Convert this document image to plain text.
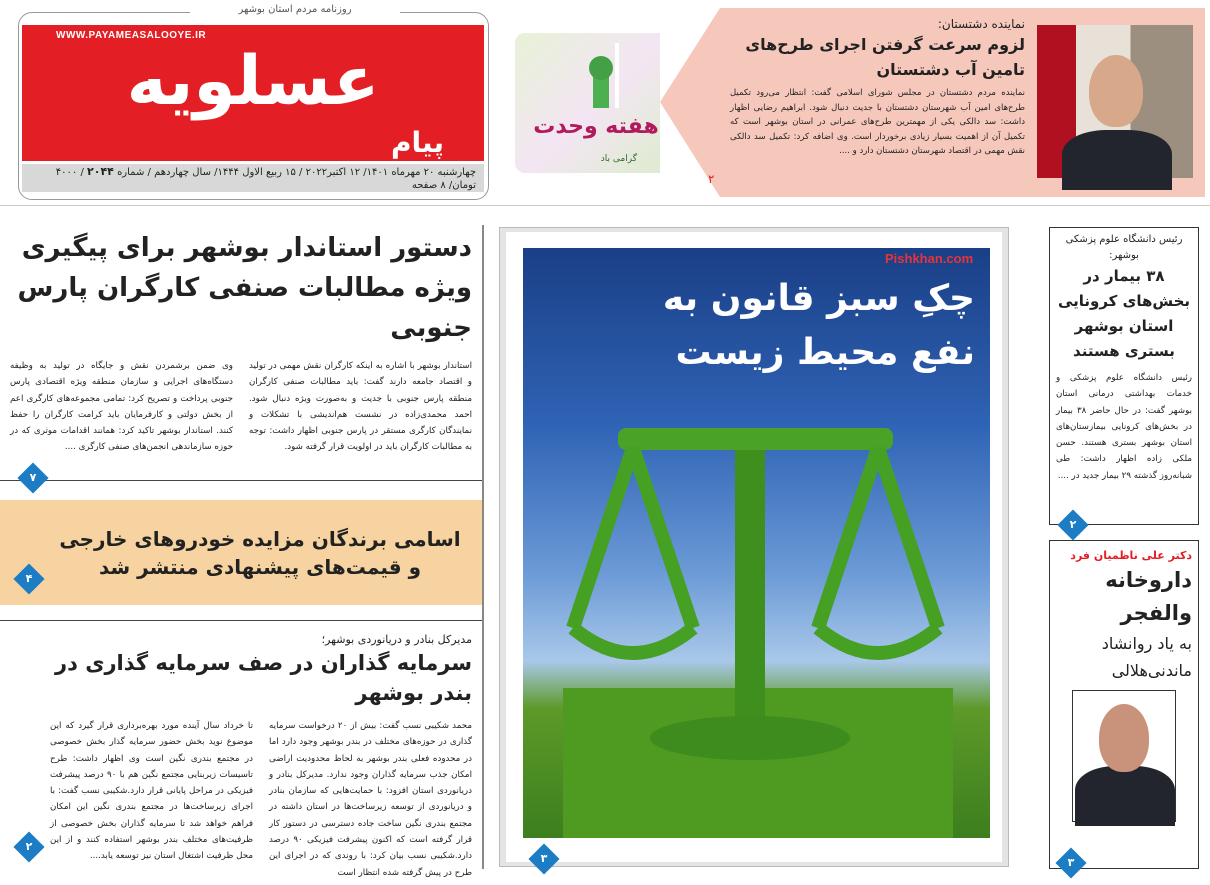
روزنامه مردم استان بوشهر
WWW.PAYAMEASALOOYE.IR
عسلویه
پیام
چهارشنبه ۲۰ مهرماه ۱۴۰۱/ ۱۲ اکتبر۲۰۲۲ / ۱۵ ربیع الاول ۱۴۴۴/ سال چهاردهم / شماره ۲۰۴۴ / ۴۰۰۰ تومان/ ۸ صفحه
هفته وحدت
گرامی باد
نماینده دشتستان:
لزوم سرعت گرفتن اجرای طرح‌های تامین آب دشتستان
نماینده مردم دشتستان در مجلس شورای اسلامی گفت: انتظار می‌رود تکمیل طرح‌های امین آب شهرستان دشتستان با جدیت دنبال شود. ابراهیم رضایی اظهار داشت: سد دالکی یکی از مهمترین طرح‌های عمرانی در استان بوشهر است که تکمیل آن از اهمیت بسیار زیادی برخوردار است. وی اضافه کرد: تکمیل سد دالکی نقش مهمی در اقتصاد شهرستان دشتستان دارد و ....
۲
دستور استاندار بوشهر برای پیگیری ویژه مطالبات صنفی کارگران پارس جنوبی
استاندار بوشهر با اشاره به اینکه کارگران نقش مهمی در تولید و اقتصاد جامعه دارند گفت: باید مطالبات صنفی کارگران منطقه پارس جنوبی با جدیت و به‌صورت ویژه دنبال شود. احمد محمدی‌زاده در نشست هم‌اندیشی با تشکلات و نمایندگان کارگری مستقر در پارس جنوبی اظهار داشت: توجه به مطالبات کارگران باید در اولویت قرار گرفته شود.
وی ضمن برشمردن نقش و جایگاه در تولید به وظیفه دستگاه‌های اجرایی و سازمان منطقه ویژه اقتصادی پارس جنوبی پرداخت و تصریح کرد: تمامی مجموعه‌های کارگری اعم از بخش دولتی و کارفرمایان باید کرامت کارگران را حفظ کنند. استاندار بوشهر تاکید کرد: همانند اقدامات موثری که در حوزه سازماندهی انجمن‌های صنفی کارگری ....
۷
اسامی برندگان مزایده خودروهای خارجی
و قیمت‌های پیشنهادی منتشر شد
۴
مدیرکل بنادر و دریانوردی بوشهر؛
سرمایه گذاران در صف سرمایه گذاری در بندر بوشهر
محمد شکیبی نسب گفت: بیش از ۲۰ درخواست سرمایه گذاری در حوزه‌های مختلف در بندر بوشهر وجود دارد اما در محدوده فعلی بندر بوشهر به لحاظ محدودیت اراضی امکان جذب سرمایه گذاران وجود ندارد. مدیرکل بنادر و دریانوردی استان افزود: با حمایت‌هایی که سازمان بنادر و دریانوردی از توسعه زیرساخت‌ها در استان داشته در مجتمع بندری نگین ساخت جاده دسترسی در دستور کار قرار گرفته است که اکنون پیشرفت فیزیکی ۹۰ درصد دارد.شکیبی نسب بیان کرد: با روندی که در اجرای این طرح در پیش گرفته شده انتظار است
تا خرداد سال آینده مورد بهره‌برداری قرار گیرد که این موضوع نوید بخش حضور سرمایه گذار بخش خصوصی در مجتمع بندری نگین است وی اظهار داشت: طرح تاسیسات زیربنایی مجتمع نگین هم با ۹۰ درصد پیشرفت فیزیکی در مراحل پایانی قرار دارد.شکیبی نسب گفت: با اجرای زیرساخت‌ها در مجتمع بندری نگین این امکان فراهم خواهد شد تا سرمایه گذاران بخش خصوصی از ظرفیت‌های مختلف بندر بوشهر استفاده کنند و از این محل ظرفیت اشتغال استان نیز توسعه یابد....
۲
چکِ سبز قانون به نفع محیط زیست
Pishkhan.com
۳
رئیس دانشگاه علوم پزشکی بوشهر:
۳۸ بیمار در بخش‌های کرونایی استان بوشهر بستری هستند
رئیس دانشگاه علوم پزشکی و خدمات بهداشتی درمانی استان بوشهر گفت: در حال حاضر ۳۸ بیمار در بخش‌های کرونایی بیمارستان‌های استان بوشهر بستری هستند. حسن ملکی زاده اظهار داشت: طی شبانه‌روز گذشته ۲۹ بیمار جدید در ....
۲
دکتر علی ناظمیان فرد
داروخانه والفجر
به یاد روانشاد ماندنی‌هلالی
۳
